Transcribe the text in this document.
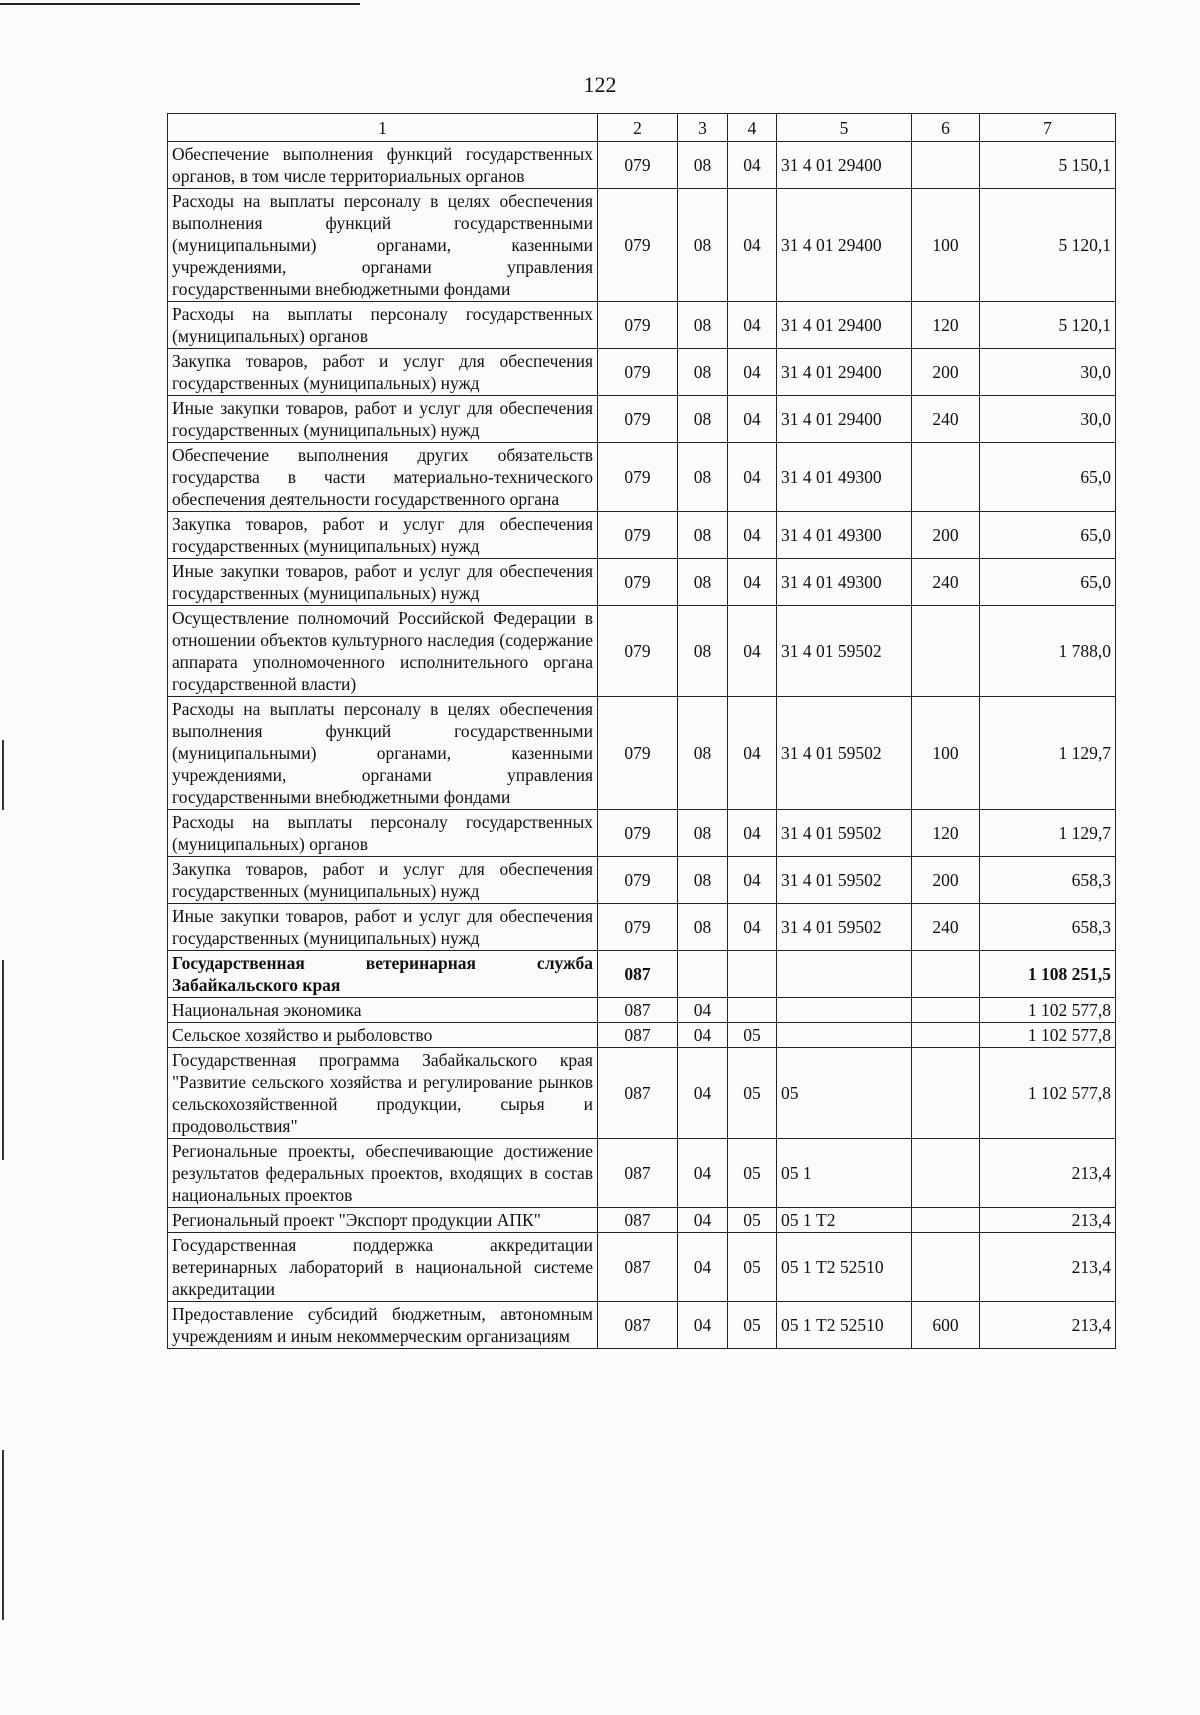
122
1	2	3	4	5	6	7
Обеспечение выполнения функций государственных органов, в том числе территориальных органов	079	08	04	31 4 01 29400		5 150,1
Расходы на выплаты персоналу в целях обеспечения выполнения функций государственными (муниципальными) органами, казенными учреждениями, органами управления государственными внебюджетными фондами	079	08	04	31 4 01 29400	100	5 120,1
Расходы на выплаты персоналу государственных (муниципальных) органов	079	08	04	31 4 01 29400	120	5 120,1
Закупка товаров, работ и услуг для обеспечения государственных (муниципальных) нужд	079	08	04	31 4 01 29400	200	30,0
Иные закупки товаров, работ и услуг для обеспечения государственных (муниципальных) нужд	079	08	04	31 4 01 29400	240	30,0
Обеспечение выполнения других обязательств государства в части материально-технического обеспечения деятельности государственного органа	079	08	04	31 4 01 49300		65,0
Закупка товаров, работ и услуг для обеспечения государственных (муниципальных) нужд	079	08	04	31 4 01 49300	200	65,0
Иные закупки товаров, работ и услуг для обеспечения государственных (муниципальных) нужд	079	08	04	31 4 01 49300	240	65,0
Осуществление полномочий Российской Федерации в отношении объектов культурного наследия (содержание аппарата уполномоченного исполнительного органа государственной власти)	079	08	04	31 4 01 59502		1 788,0
Расходы на выплаты персоналу в целях обеспечения выполнения функций государственными (муниципальными) органами, казенными учреждениями, органами управления государственными внебюджетными фондами	079	08	04	31 4 01 59502	100	1 129,7
Расходы на выплаты персоналу государственных (муниципальных) органов	079	08	04	31 4 01 59502	120	1 129,7
Закупка товаров, работ и услуг для обеспечения государственных (муниципальных) нужд	079	08	04	31 4 01 59502	200	658,3
Иные закупки товаров, работ и услуг для обеспечения государственных (муниципальных) нужд	079	08	04	31 4 01 59502	240	658,3
Государственная ветеринарная служба Забайкальского края	087					1 108 251,5
Национальная экономика	087	04				1 102 577,8
Сельское хозяйство и рыболовство	087	04	05			1 102 577,8
Государственная программа Забайкальского края "Развитие сельского хозяйства и регулирование рынков сельскохозяйственной продукции, сырья и продовольствия"	087	04	05	05		1 102 577,8
Региональные проекты, обеспечивающие достижение результатов федеральных проектов, входящих в состав национальных проектов	087	04	05	05 1		213,4
Региональный проект "Экспорт продукции АПК"	087	04	05	05 1 Т2		213,4
Государственная поддержка аккредитации ветеринарных лабораторий в национальной системе аккредитации	087	04	05	05 1 Т2 52510		213,4
Предоставление субсидий бюджетным, автономным учреждениям и иным некоммерческим организациям	087	04	05	05 1 Т2 52510	600	213,4
